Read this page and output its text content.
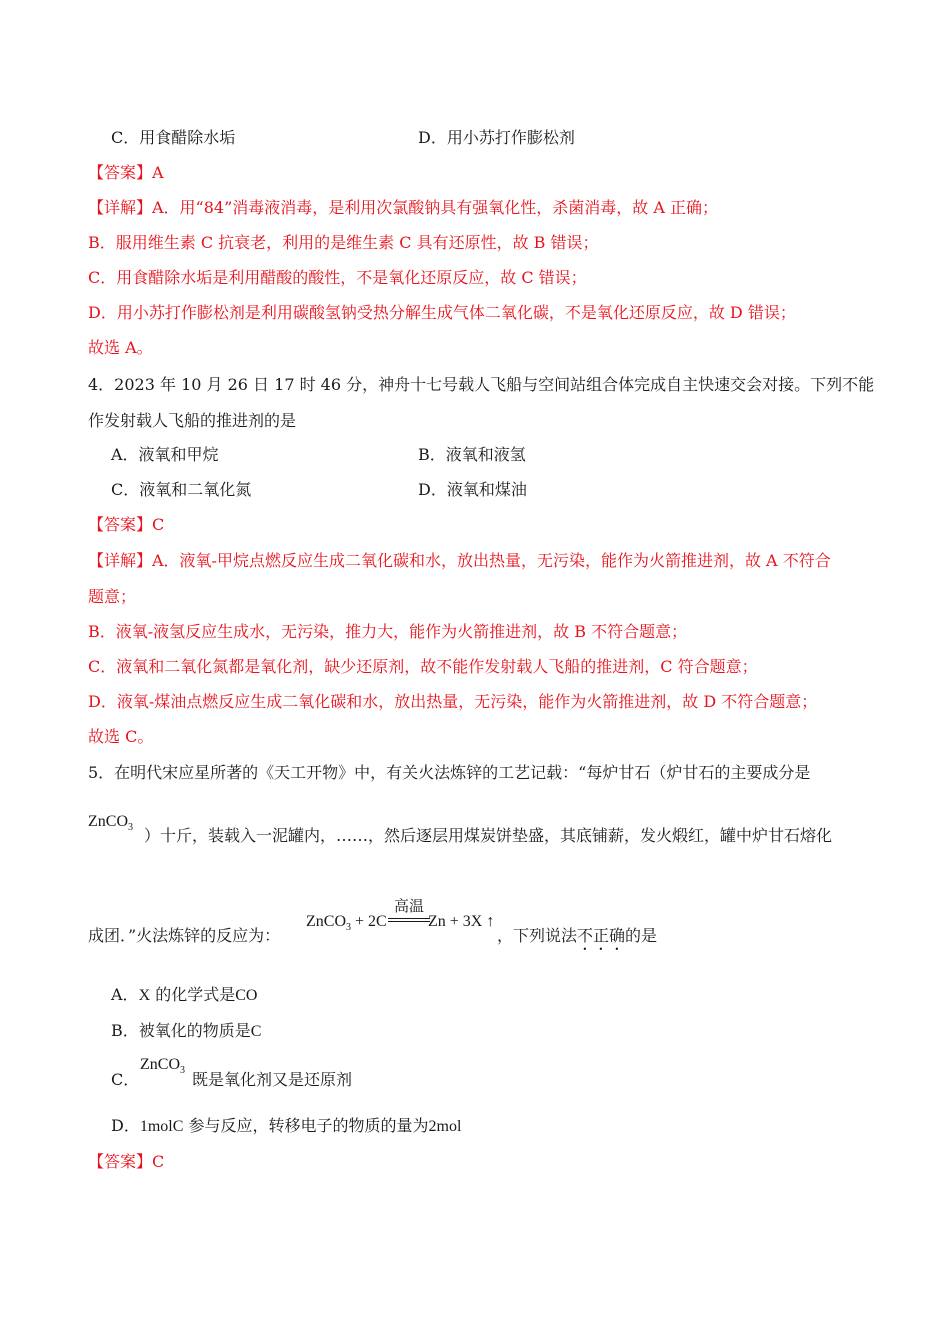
C．用食醋除水垢	D．用小苏打作膨松剂
【答案】A
【详解】A．用“84”消毒液消毒，是利用次氯酸钠具有强氧化性，杀菌消毒，故 A 正确；
B．服用维生素 C 抗衰老，利用的是维生素 C 具有还原性，故 B 错误；
C．用食醋除水垢是利用醋酸的酸性，不是氧化还原反应，故 C 错误；
D．用小苏打作膨松剂是利用碳酸氢钠受热分解生成气体二氧化碳，不是氧化还原反应，故 D 错误；
故选 A。
4．2023 年 10 月 26 日 17 时 46 分，神舟十七号载人飞船与空间站组合体完成自主快速交会对接。下列不能
作发射载人飞船的推进剂的是
A．液氧和甲烷	B．液氧和液氢
C．液氧和二氧化氮	D．液氧和煤油
【答案】C
【详解】A．液氧-甲烷点燃反应生成二氧化碳和水，放出热量，无污染，能作为火箭推进剂，故 A 不符合
题意；
B．液氧-液氢反应生成水，无污染，推力大，能作为火箭推进剂，故 B 不符合题意；
C．液氧和二氧化氮都是氧化剂，缺少还原剂，故不能作发射载人飞船的推进剂，C 符合题意；
D．液氧-煤油点燃反应生成二氧化碳和水，放出热量，无污染，能作为火箭推进剂，故 D 不符合题意；
故选 C。
5．在明代宋应星所著的《天工开物》中，有关火法炼锌的工艺记载：“每炉甘石（炉甘石的主要成分是
ZnCO$_3$ ）十斤，装载入一泥罐内，……，然后逐层用煤炭饼垫盛，其底铺薪，发火煅红，罐中炉甘石熔化
成团．”火法炼锌的反应为：
ZnCO$_3$ + 2C
高温
Zn + 3X ↑
，下列说法不正确的是
A．X 的化学式是CO
B．被氧化的物质是C
ZnCO$_3$
C．	既是氧化剂又是还原剂
D．1molC 参与反应，转移电子的物质的量为2mol
【答案】C
